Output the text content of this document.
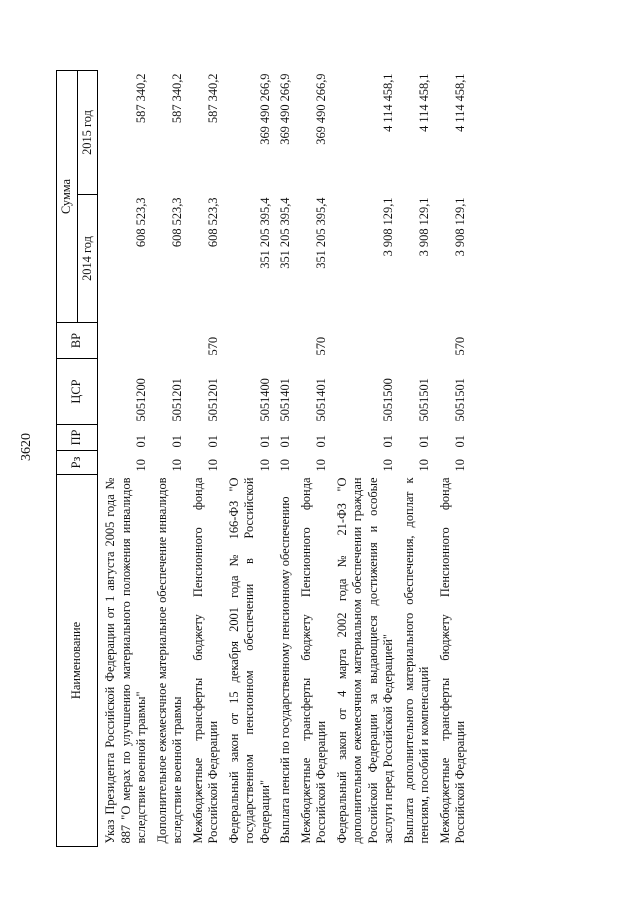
3620
Наименование	Рз	ПР	ЦСР	ВР	Сумма	
					2014 год	2015 год
Указ Президента Российской Федерации от 1 августа 2005 года № 887 "О мерах по улучшению материального положения инвалидов вследствие военной травмы"	10	01	5051200		608 523,3	587 340,2
Дополнительное ежемесячное материальное обеспечение инвалидов вследствие военной травмы	10	01	5051201		608 523,3	587 340,2
Межбюджетные трансферты бюджету Пенсионного фонда Российской Федерации	10	01	5051201	570	608 523,3	587 340,2
Федеральный закон от 15 декабря 2001 года № 166-ФЗ "О государственном пенсионном обеспечении в Российской Федерации"	10	01	5051400		351 205 395,4	369 490 266,9
Выплата пенсий по государственному пенсионному обеспечению	10	01	5051401		351 205 395,4	369 490 266,9
Межбюджетные трансферты бюджету Пенсионного фонда Российской Федерации	10	01	5051401	570	351 205 395,4	369 490 266,9
Федеральный закон от 4 марта 2002 года № 21-ФЗ "О дополнительном ежемесячном материальном обеспечении граждан Российской Федерации за выдающиеся достижения и особые заслуги перед Российской Федерацией"	10	01	5051500		3 908 129,1	4 114 458,1
Выплата дополнительного материального обеспечения, доплат к пенсиям, пособий и компенсаций	10	01	5051501		3 908 129,1	4 114 458,1
Межбюджетные трансферты бюджету Пенсионного фонда Российской Федерации	10	01	5051501	570	3 908 129,1	4 114 458,1
